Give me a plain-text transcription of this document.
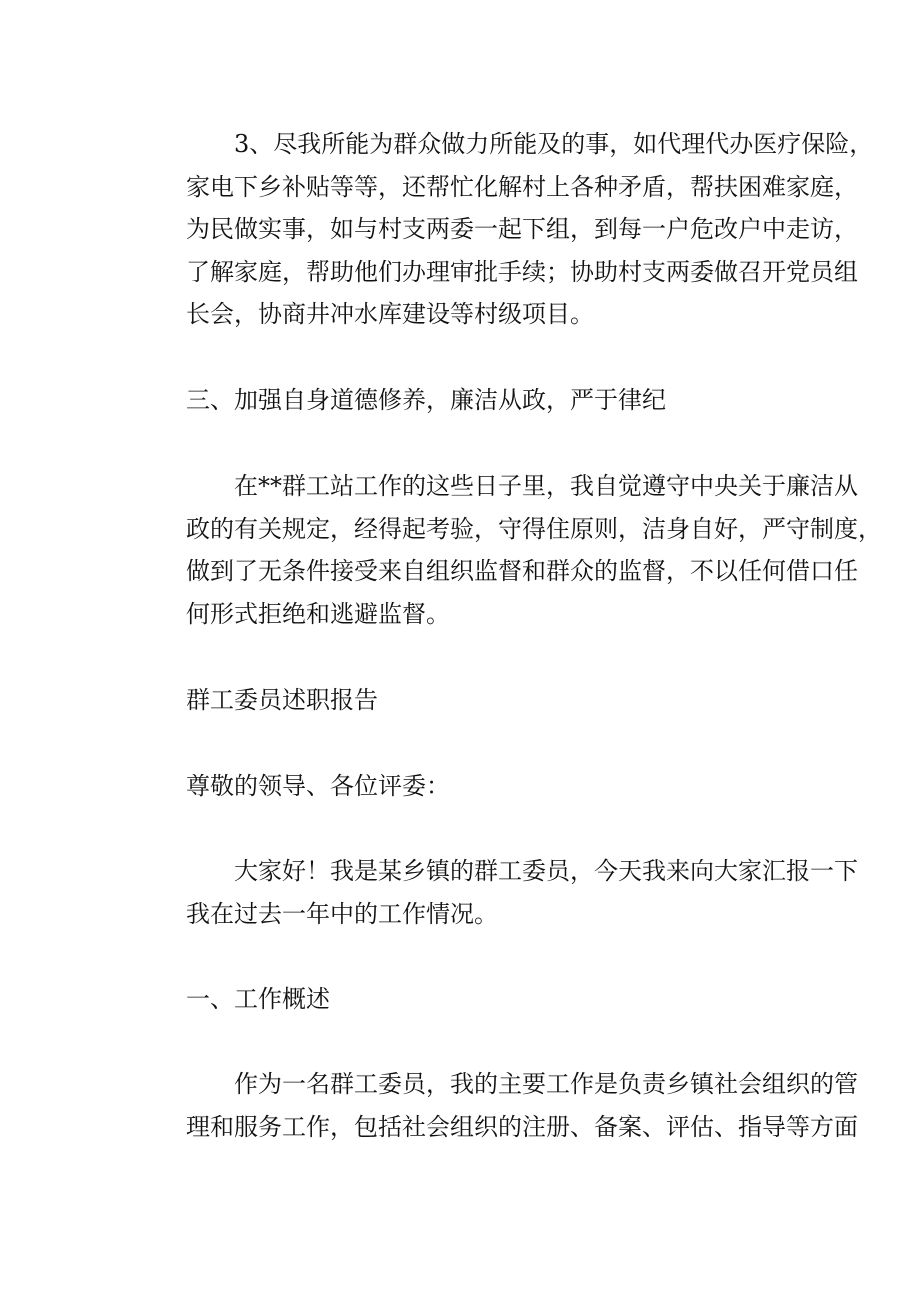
3、尽我所能为群众做力所能及的事，如代理代办医疗保险，
家电下乡补贴等等，还帮忙化解村上各种矛盾，帮扶困难家庭，
为民做实事，如与村支两委一起下组，到每一户危改户中走访，
了解家庭，帮助他们办理审批手续；协助村支两委做召开党员组
长会，协商井冲水库建设等村级项目。
三、加强自身道德修养，廉洁从政，严于律纪
在**群工站工作的这些日子里，我自觉遵守中央关于廉洁从
政的有关规定，经得起考验，守得住原则，洁身自好，严守制度，
做到了无条件接受来自组织监督和群众的监督，不以任何借口任
何形式拒绝和逃避监督。
群工委员述职报告
尊敬的领导、各位评委：
大家好！我是某乡镇的群工委员，今天我来向大家汇报一下
我在过去一年中的工作情况。
一、工作概述
作为一名群工委员，我的主要工作是负责乡镇社会组织的管
理和服务工作，包括社会组织的注册、备案、评估、指导等方面
